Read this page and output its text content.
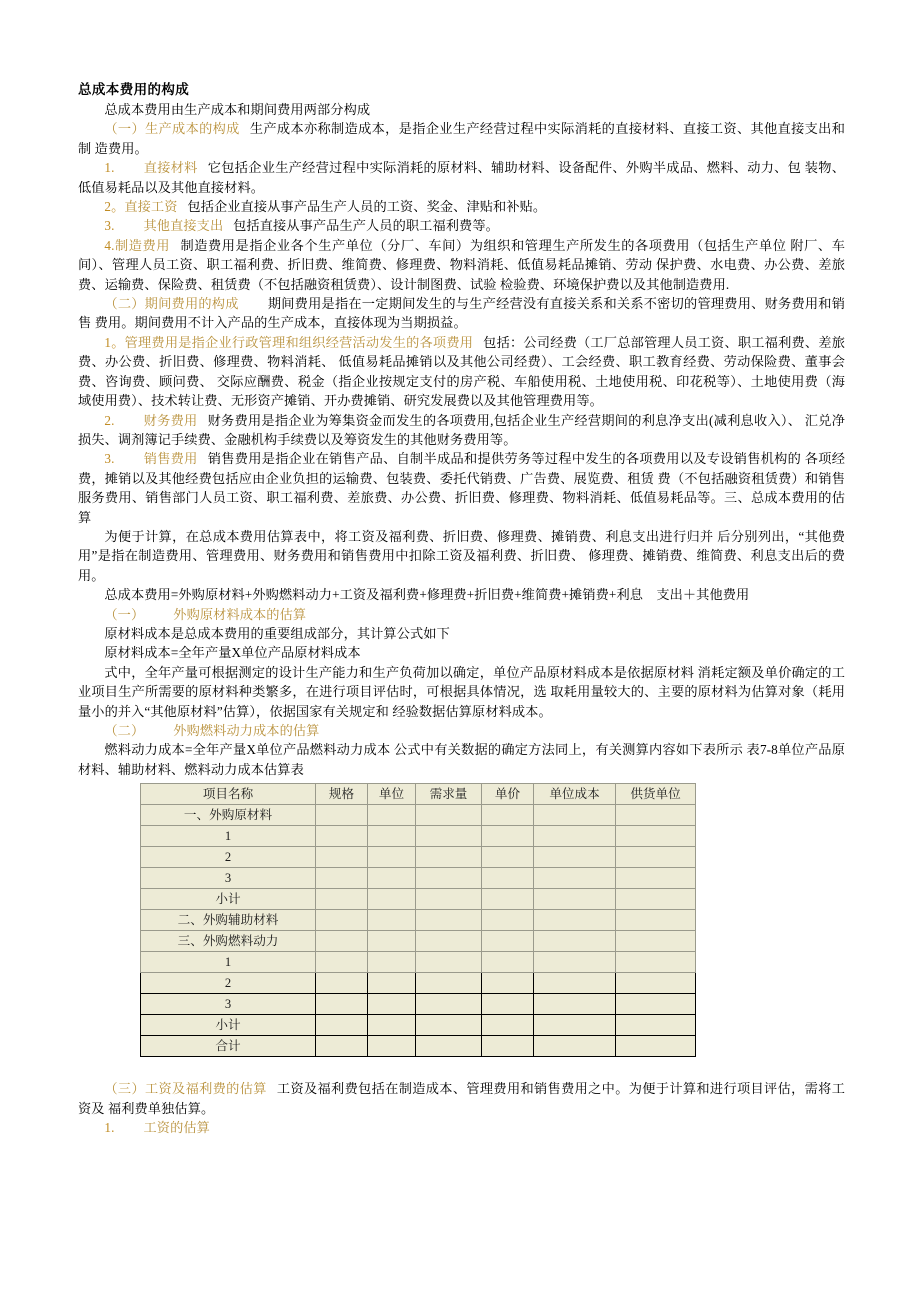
总成本费用的构成

总成本费用由生产成本和期间费用两部分构成

（一）生产成本的构成 生产成本亦称制造成本，是指企业生产经营过程中实际消耗的直接材料、直接工资、其他直接支出和制 造费用。

1. 直接材料 它包括企业生产经营过程中实际消耗的原材料、辅助材料、设备配件、外购半成品、燃料、动力、包 装物、低值易耗品以及其他直接材料。

2。直接工资 包括企业直接从事产品生产人员的工资、奖金、津贴和补贴。

3. 其他直接支出 包括直接从事产品生产人员的职工福利费等。

4.制造费用 制造费用是指企业各个生产单位（分厂、车间）为组织和管理生产所发生的各项费用（包括生产单位 附厂、车间）、管理人员工资、职工福利费、折旧费、维简费、修理费、物料消耗、低值易耗品摊销、劳动 保护费、水电费、办公费、差旅费、运输费、保险费、租赁费（不包括融资租赁费）、设计制图费、试验 检验费、环境保护费以及其他制造费用.

（二）期间费用的构成 期间费用是指在一定期间发生的与生产经营没有直接关系和关系不密切的管理费用、财务费用和销售 费用。期间费用不计入产品的生产成本，直接体现为当期损益。

1。管理费用是指企业行政管理和组织经营活动发生的各项费用 包括：公司经费（工厂总部管理人员工资、职工福利费、差旅费、办公费、折旧费、修理费、物料消耗、 低值易耗品摊销以及其他公司经费）、工会经费、职工教育经费、劳动保险费、董事会费、咨询费、顾问费、 交际应酬费、税金（指企业按规定支付的房产税、车船使用税、土地使用税、印花税等）、土地使用费（海 域使用费）、技术转让费、无形资产摊销、开办费摊销、研究发展费以及其他管理费用等。

2. 财务费用 财务费用是指企业为筹集资金而发生的各项费用,包括企业生产经营期间的利息净支出(减利息收入）、 汇兑净损失、调剂簿记手续费、金融机构手续费以及筹资发生的其他财务费用等。

3. 销售费用 销售费用是指企业在销售产品、自制半成品和提供劳务等过程中发生的各项费用以及专设销售机构的 各项经费，摊销以及其他经费包括应由企业负担的运输费、包装费、委托代销费、广告费、展览费、租赁 费（不包括融资租赁费）和销售服务费用、销售部门人员工资、职工福利费、差旅费、办公费、折旧费、修理费、物料消耗、低值易耗品等。三、总成本费用的估算

为便于计算，在总成本费用估算表中，将工资及福利费、折旧费、修理费、摊销费、利息支出进行归并 后分别列出，“其他费用”是指在制造费用、管理费用、财务费用和销售费用中扣除工资及福利费、折旧费、 修理费、摊销费、维简费、利息支出后的费用。

总成本费用=外购原材料+外购燃料动力+工资及福利费+修理费+折旧费+维简费+摊销费+利息　支出＋其他费用

（一） 外购原材料成本的估算

原材料成本是总成本费用的重要组成部分，其计算公式如下

原材料成本=全年产量X单位产品原材料成本

式中，全年产量可根据测定的设计生产能力和生产负荷加以确定，单位产品原材料成本是依据原材料 消耗定额及单价确定的工业项目生产所需要的原材料种类繁多，在进行项目评估时，可根据具体情况，选 取耗用量较大的、主要的原材料为估算对象（耗用量小的并入“其他原材料”估算），依据国家有关规定和 经验数据估算原材料成本。

（二） 外购燃料动力成本的估算

燃料动力成本=全年产量X单位产品燃料动力成本 公式中有关数据的确定方法同上，有关测算内容如下表所示 表7-8单位产品原材料、辅助材料、燃料动力成本估算表

项目名称	规格	单位	需求量	单价	单位成本	供货单位
一、外购原材料						
1						
2						
3						
小计						
二、外购辅助材料						
三、外购燃料动力						
1						
2						
3						
小计						
合计						

（三）工资及福利费的估算 工资及福利费包括在制造成本、管理费用和销售费用之中。为便于计算和进行项目评估，需将工资及 福利费单独估算。

1. 工资的估算
